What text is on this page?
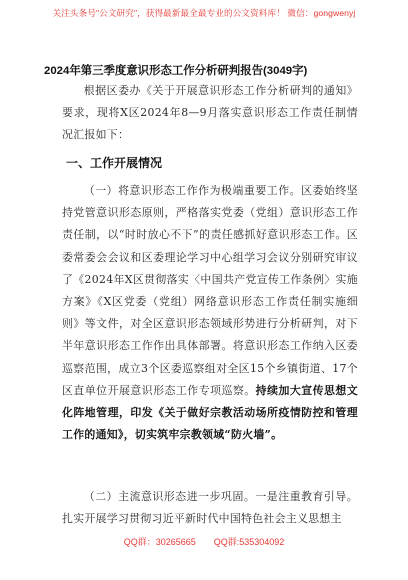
关注头条号"公文研究"，获得最新最全最专业的公文资料库！ 微信：gongwenyj
2024年第三季度意识形态工作分析研判报告(3049字)

根据区委办《关于开展意识形态工作分析研判的通知》要求，现将X区2024年8—9月落实意识形态工作责任制情况汇报如下：

一、工作开展情况

（一）将意识形态工作作为极端重要工作。区委始终坚持党管意识形态原则，严格落实党委（党组）意识形态工作责任制，以“时时放心不下”的责任感抓好意识形态工作。区委常委会会议和区委理论学习中心组学习会议分别研究审议了《2024年X区贯彻落实〈中国共产党宣传工作条例〉实施方案》《X区党委（党组）网络意识形态工作责任制实施细则》等文件，对全区意识形态领域形势进行分析研判，对下半年意识形态工作作出具体部署。将意识形态工作纳入区委巡察范围，成立3个区委巡察组对全区15个乡镇街道、17个区直单位开展意识形态工作专项巡察。持续加大宣传思想文化阵地管理，印发《关于做好宗教活动场所疫情防控和管理工作的通知》，切实筑牢宗教领域“防火墙”。

（二）主流意识形态进一步巩固。一是注重教育引导。扎实开展学习贯彻习近平新时代中国特色社会主义思想主

QQ群：30265665 QQ群:535304092
